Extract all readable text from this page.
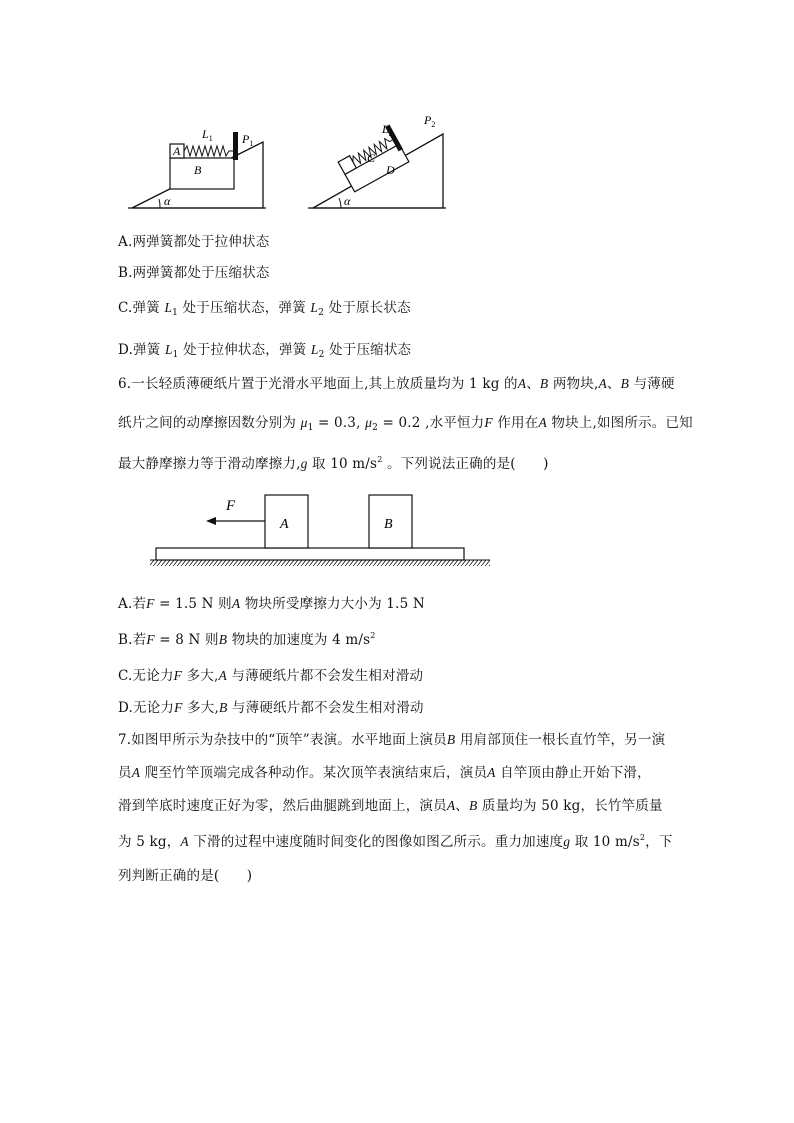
α
A
B
$L_1$ $P_1$
α
C
D
$L_2$
$P_2$
A.两弹簧都处于拉伸状态
B.两弹簧都处于压缩状态
C.弹簧 $L_1$ 处于压缩状态，弹簧 $L_2$ 处于原长状态
D.弹簧 $L_1$ 处于拉伸状态，弹簧 $L_2$ 处于压缩状态
6.一长轻质薄硬纸片置于光滑水平地面上,其上放质量均为 1 kg 的A、B 两物块,A、B 与薄硬
纸片之间的动摩擦因数分别为 $\mu_1 = 0.3$, $\mu_2 = 0.2$ ,水平恒力F 作用在A 物块上,如图所示。已知
最大静摩擦力等于滑动摩擦力,g 取 10 $m/s^2$ 。下列说法正确的是(　　)
A	B
F
A.若F = 1.5 N 则A 物块所受摩擦力大小为 1.5 N
B.若F = 8 N 则B 物块的加速度为 4 $m/s^2$
C.无论力F 多大,A 与薄硬纸片都不会发生相对滑动
D.无论力F 多大,B 与薄硬纸片都不会发生相对滑动
7.如图甲所示为杂技中的“顶竿”表演。水平地面上演员B 用肩部顶住一根长直竹竿，另一演
员A 爬至竹竿顶端完成各种动作。某次顶竿表演结束后，演员A 自竿顶由静止开始下滑，
滑到竿底时速度正好为零，然后曲腿跳到地面上，演员A、B 质量均为 50 kg，长竹竿质量
为 5 kg，A 下滑的过程中速度随时间变化的图像如图乙所示。重力加速度g 取 10 $m/s^2$，下
列判断正确的是(　　)
